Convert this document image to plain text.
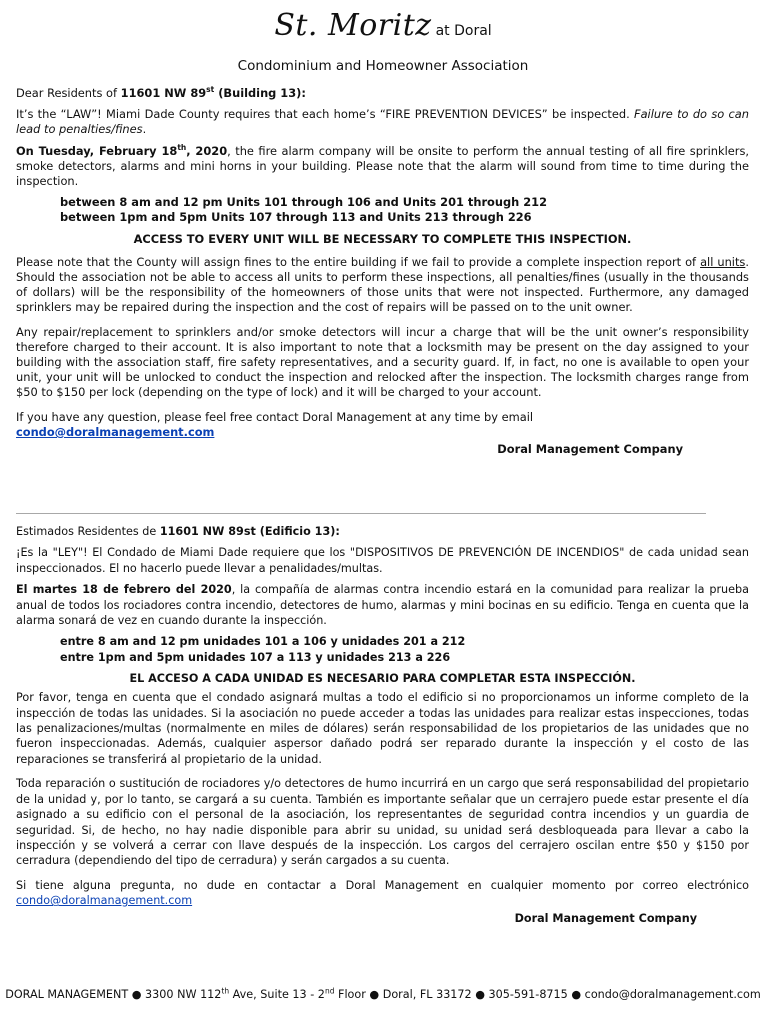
St. Moritz at Doral
Condominium and Homeowner Association

Dear Residents of 11601 NW 89st (Building 13):

It’s the “LAW”! Miami Dade County requires that each home’s “FIRE PREVENTION DEVICES” be inspected. Failure to do so can lead to penalties/fines.

On Tuesday, February 18th, 2020, the fire alarm company will be onsite to perform the annual testing of all fire sprinklers, smoke detectors, alarms and mini horns in your building. Please note that the alarm will sound from time to time during the inspection.

between 8 am and 12 pm Units 101 through 106 and Units 201 through 212
between 1pm and 5pm Units 107 through 113 and Units 213 through 226
ACCESS TO EVERY UNIT WILL BE NECESSARY TO COMPLETE THIS INSPECTION.

Please note that the County will assign fines to the entire building if we fail to provide a complete inspection report of all units. Should the association not be able to access all units to perform these inspections, all penalties/fines (usually in the thousands of dollars) will be the responsibility of the homeowners of those units that were not inspected. Furthermore, any damaged sprinklers may be repaired during the inspection and the cost of repairs will be passed on to the unit owner.

Any repair/replacement to sprinklers and/or smoke detectors will incur a charge that will be the unit owner’s responsibility therefore charged to their account. It is also important to note that a locksmith may be present on the day assigned to your building with the association staff, fire safety representatives, and a security guard. If, in fact, no one is available to open your unit, your unit will be unlocked to conduct the inspection and relocked after the inspection. The locksmith charges range from $50 to $150 per lock (depending on the type of lock) and it will be charged to your account.

If you have any question, please feel free contact Doral Management at any time by email
condo@doralmanagement.com

Doral Management Company

Estimados Residentes de 11601 NW 89st (Edificio 13):

¡Es la "LEY"! El Condado de Miami Dade requiere que los "DISPOSITIVOS DE PREVENCIÓN DE INCENDIOS" de cada unidad sean inspeccionados. El no hacerlo puede llevar a penalidades/multas.

El martes 18 de febrero del 2020, la compañía de alarmas contra incendio estará en la comunidad para realizar la prueba anual de todos los rociadores contra incendio, detectores de humo, alarmas y mini bocinas en su edificio. Tenga en cuenta que la alarma sonará de vez en cuando durante la inspección.

entre 8 am and 12 pm unidades 101 a 106 y unidades 201 a 212
entre 1pm and 5pm unidades 107 a 113 y unidades 213 a 226
EL ACCESO A CADA UNIDAD ES NECESARIO PARA COMPLETAR ESTA INSPECCIÓN.

Por favor, tenga en cuenta que el condado asignará multas a todo el edificio si no proporcionamos un informe completo de la inspección de todas las unidades. Si la asociación no puede acceder a todas las unidades para realizar estas inspecciones, todas las penalizaciones/multas (normalmente en miles de dólares) serán responsabilidad de los propietarios de las unidades que no fueron inspeccionadas. Además, cualquier aspersor dañado podrá ser reparado durante la inspección y el costo de las reparaciones se transferirá al propietario de la unidad.

Toda reparación o sustitución de rociadores y/o detectores de humo incurrirá en un cargo que será responsabilidad del propietario de la unidad y, por lo tanto, se cargará a su cuenta. También es importante señalar que un cerrajero puede estar presente el día asignado a su edificio con el personal de la asociación, los representantes de seguridad contra incendios y un guardia de seguridad. Si, de hecho, no hay nadie disponible para abrir su unidad, su unidad será desbloqueada para llevar a cabo la inspección y se volverá a cerrar con llave después de la inspección. Los cargos del cerrajero oscilan entre $50 y $150 por cerradura (dependiendo del tipo de cerradura) y serán cargados a su cuenta.

Si tiene alguna pregunta, no dude en contactar a Doral Management en cualquier momento por correo electrónico condo@doralmanagement.com

Doral Management Company
DORAL MANAGEMENT ● 3300 NW 112th Ave, Suite 13 - 2nd Floor ● Doral, FL 33172 ● 305-591-8715 ● condo@doralmanagement.com
